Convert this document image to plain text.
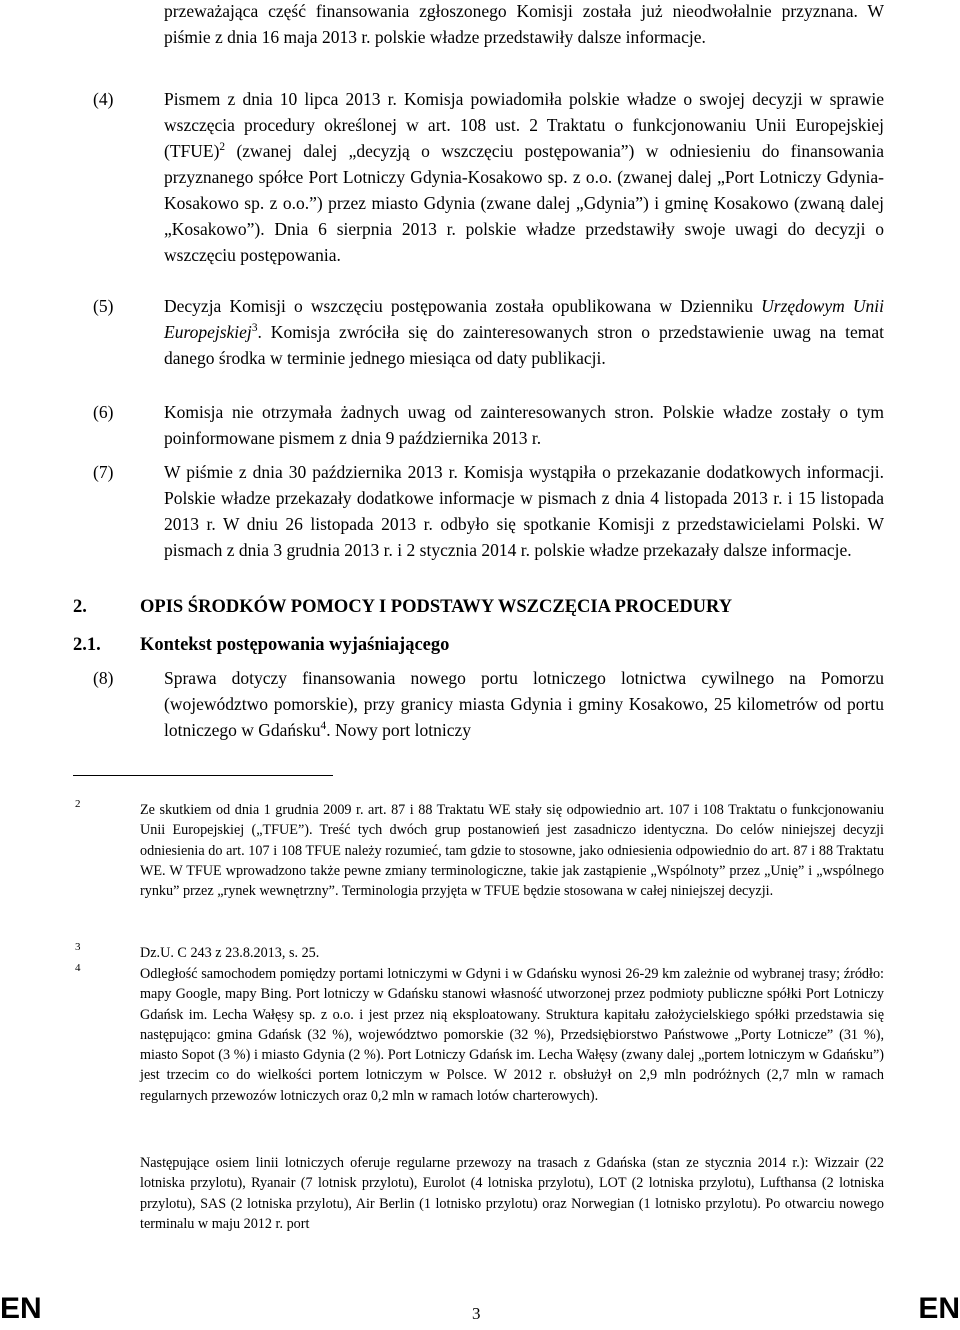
przeważająca część finansowania zgłoszonego Komisji została już nieodwołalnie przyznana. W piśmie z dnia 16 maja 2013 r. polskie władze przedstawiły dalsze informacje.
(4)	Pismem z dnia 10 lipca 2013 r. Komisja powiadomiła polskie władze o swojej decyzji w sprawie wszczęcia procedury określonej w art. 108 ust. 2 Traktatu o funkcjonowaniu Unii Europejskiej (TFUE)$^2$ (zwanej dalej „decyzją o wszczęciu postępowania”) w odniesieniu do finansowania przyznanego spółce Port Lotniczy Gdynia-Kosakowo sp. z o.o. (zwanej dalej „Port Lotniczy Gdynia-Kosakowo sp. z o.o.”) przez miasto Gdynia (zwane dalej „Gdynia”) i gminę Kosakowo (zwaną dalej „Kosakowo”). Dnia 6 sierpnia 2013 r. polskie władze przedstawiły swoje uwagi do decyzji o wszczęciu postępowania.
(5)	Decyzja Komisji o wszczęciu postępowania została opublikowana w Dzienniku Urzędowym Unii Europejskiej$^3$. Komisja zwróciła się do zainteresowanych stron o przedstawienie uwag na temat danego środka w terminie jednego miesiąca od daty publikacji.
(6)	Komisja nie otrzymała żadnych uwag od zainteresowanych stron. Polskie władze zostały o tym poinformowane pismem z dnia 9 października 2013 r.
(7)	W piśmie z dnia 30 października 2013 r. Komisja wystąpiła o przekazanie dodatkowych informacji. Polskie władze przekazały dodatkowe informacje w pismach z dnia 4 listopada 2013 r. i 15 listopada 2013 r. W dniu 26 listopada 2013 r. odbyło się spotkanie Komisji z przedstawicielami Polski. W pismach z dnia 3 grudnia 2013 r. i 2 stycznia 2014 r. polskie władze przekazały dalsze informacje.
2.	OPIS ŚRODKÓW POMOCY I PODSTAWY WSZCZĘCIA PROCEDURY
2.1. Kontekst postępowania wyjaśniającego
(8)	Sprawa dotyczy finansowania nowego portu lotniczego lotnictwa cywilnego na Pomorzu (województwo pomorskie), przy granicy miasta Gdynia i gminy Kosakowo, 25 kilometrów od portu lotniczego w Gdańsku$^4$. Nowy port lotniczy
2	Ze skutkiem od dnia 1 grudnia 2009 r. art. 87 i 88 Traktatu WE stały się odpowiednio art. 107 i 108 Traktatu o funkcjonowaniu Unii Europejskiej („TFUE”). Treść tych dwóch grup postanowień jest zasadniczo identyczna. Do celów niniejszej decyzji odniesienia do art. 107 i 108 TFUE należy rozumieć, tam gdzie to stosowne, jako odniesienia odpowiednio do art. 87 i 88 Traktatu WE. W TFUE wprowadzono także pewne zmiany terminologiczne, takie jak zastąpienie „Wspólnoty” przez „Unię” i „wspólnego rynku” przez „rynek wewnętrzny”. Terminologia przyjęta w TFUE będzie stosowana w całej niniejszej decyzji.
3	Dz.U. C 243 z 23.8.2013, s. 25.
4	Odległość samochodem pomiędzy portami lotniczymi w Gdyni i w Gdańsku wynosi 26-29 km zależnie od wybranej trasy; źródło: mapy Google, mapy Bing. Port lotniczy w Gdańsku stanowi własność utworzonej przez podmioty publiczne spółki Port Lotniczy Gdańsk im. Lecha Wałęsy sp. z o.o. i jest przez nią eksploatowany. Struktura kapitału założycielskiego spółki przedstawia się następująco: gmina Gdańsk (32 %), województwo pomorskie (32 %), Przedsiębiorstwo Państwowe „Porty Lotnicze” (31 %), miasto Sopot (3 %) i miasto Gdynia (2 %). Port Lotniczy Gdańsk im. Lecha Wałęsy (zwany dalej „portem lotniczym w Gdańsku”) jest trzecim co do wielkości portem lotniczym w Polsce. W 2012 r. obsłużył on 2,9 mln podróżnych (2,7 mln w ramach regularnych przewozów lotniczych oraz 0,2 mln w ramach lotów charterowych).
Następujące osiem linii lotniczych oferuje regularne przewozy na trasach z Gdańska (stan ze stycznia 2014 r.): Wizzair (22 lotniska przylotu), Ryanair (7 lotnisk przylotu), Eurolot (4 lotniska przylotu), LOT (2 lotniska przylotu), Lufthansa (2 lotniska przylotu), SAS (2 lotniska przylotu), Air Berlin (1 lotnisko przylotu) oraz Norwegian (1 lotnisko przylotu). Po otwarciu nowego terminalu w maju 2012 r. port
EN	3	EN
